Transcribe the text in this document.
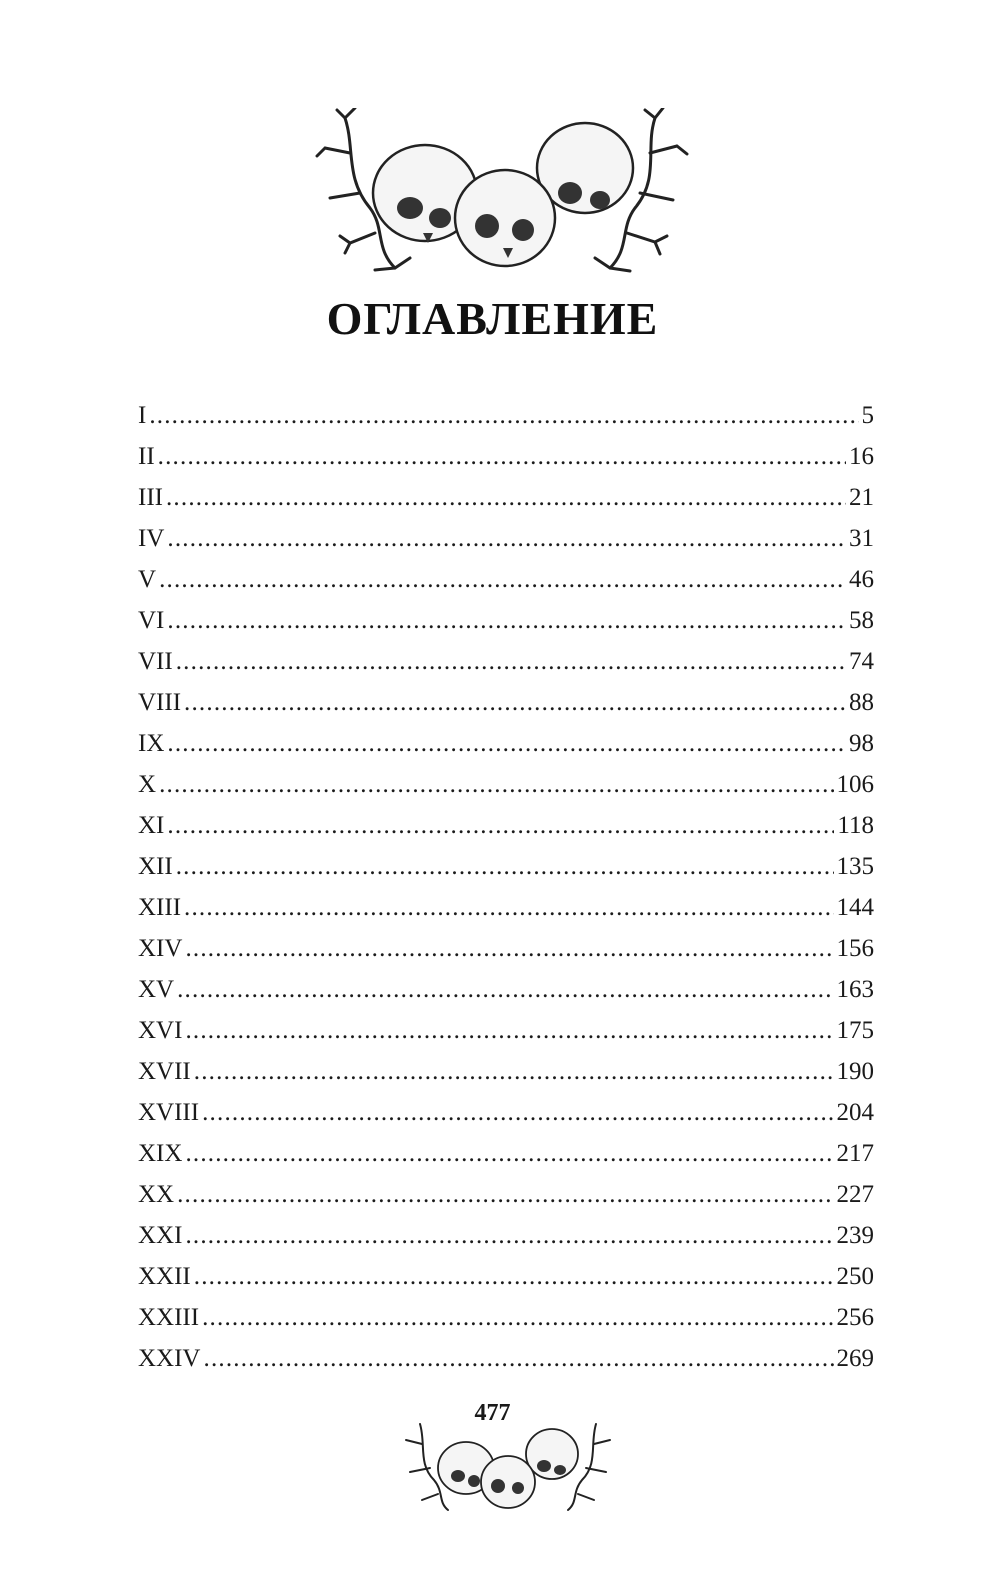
ОГЛАВЛЕНИЕ
I .....	5
II .....	16
III .....	21
IV .....	31
V .....	46
VI .....	58
VII .....	74
VIII .....	88
IX .....	98
X .....	106
XI .....	118
XII .....	135
XIII .....	144
XIV .....	156
XV .....	163
XVI .....	175
XVII .....	190
XVIII .....	204
XIX .....	217
XX .....	227
XXI .....	239
XXII .....	250
XXIII .....	256
XXIV .....	269
477
